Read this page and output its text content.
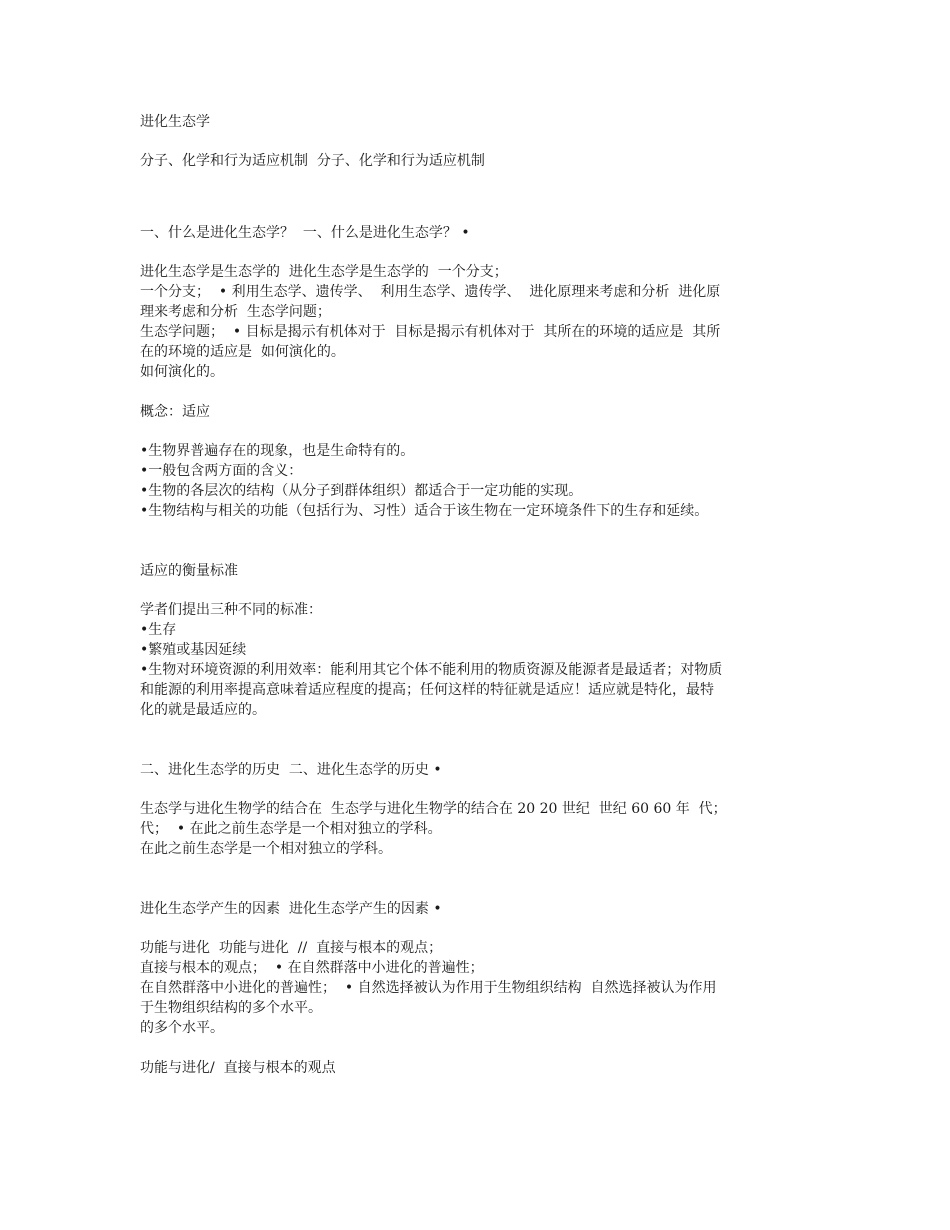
进化生态学

分子、化学和行为适应机制  分子、化学和行为适应机制

一、什么是进化生态学？  一、什么是进化生态学？ •

进化生态学是生态学的  进化生态学是生态学的  一个分支；
一个分支；  • 利用生态学、遗传学、  利用生态学、遗传学、  进化原理来考虑和分析  进化原
理来考虑和分析  生态学问题；
生态学问题；  • 目标是揭示有机体对于  目标是揭示有机体对于  其所在的环境的适应是  其所
在的环境的适应是  如何演化的。
如何演化的。

概念：适应

•生物界普遍存在的现象，也是生命特有的。
•一般包含两方面的含义：
•生物的各层次的结构（从分子到群体组织）都适合于一定功能的实现。
•生物结构与相关的功能（包括行为、习性）适合于该生物在一定环境条件下的生存和延续。

适应的衡量标准

学者们提出三种不同的标准：
•生存
•繁殖或基因延续
•生物对环境资源的利用效率：能利用其它个体不能利用的物质资源及能源者是最适者；对物质
和能源的利用率提高意味着适应程度的提高；任何这样的特征就是适应！适应就是特化，最特
化的就是最适应的。

二、进化生态学的历史  二、进化生态学的历史 •

生态学与进化生物学的结合在  生态学与进化生物学的结合在 20 20 世纪  世纪 60 60 年  代；
代；  • 在此之前生态学是一个相对独立的学科。
在此之前生态学是一个相对独立的学科。

进化生态学产生的因素  进化生态学产生的因素 •

功能与进化  功能与进化  //  直接与根本的观点；
直接与根本的观点；  • 在自然群落中小进化的普遍性；
在自然群落中小进化的普遍性；  • 自然选择被认为作用于生物组织结构  自然选择被认为作用
于生物组织结构的多个水平。
的多个水平。

功能与进化/  直接与根本的观点
